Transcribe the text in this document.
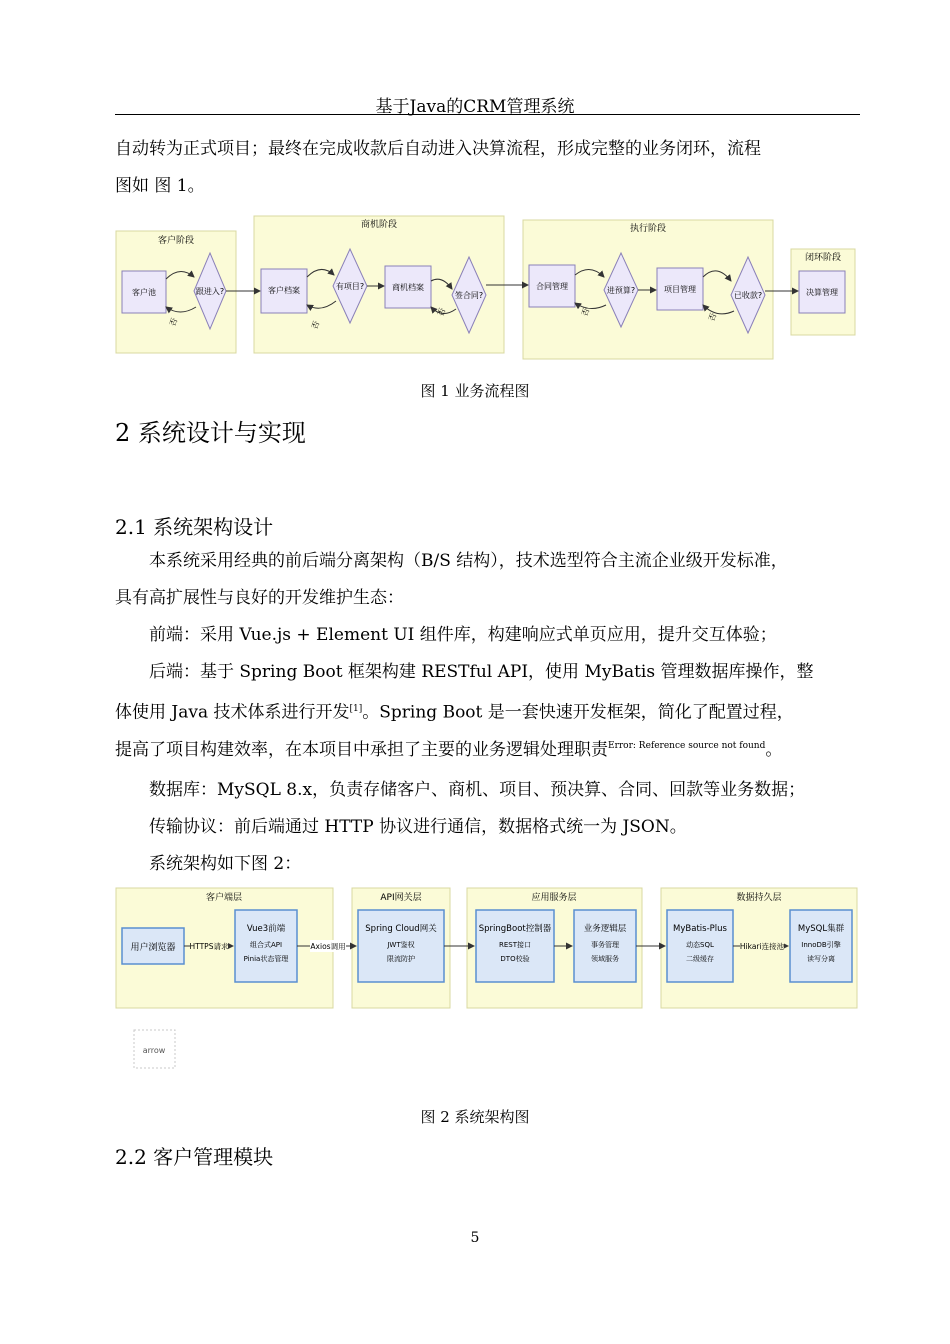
基于Java的CRM管理系统

自动转为正式项目；最终在完成收款后自动进入决算流程，形成完整的业务闭环，流程

图如 图 1。

客户阶段
商机阶段	执行阶段
闭环阶段
客户池	跟进入?
否
客户档案	有项目?
否
商机档案
签合同?
否
合同管理	进预算?
否
项目管理
已收款?
否
决算管理
图 1 业务流程图
2 系统设计与实现
2.1 系统架构设计

本系统采用经典的前后端分离架构（B/S 结构），技术选型符合主流企业级开发标准，

具有高扩展性与良好的开发维护生态：

前端：采用 Vue.js + Element UI 组件库，构建响应式单页应用，提升交互体验；

后端：基于 Spring Boot 框架构建 RESTful API，使用 MyBatis 管理数据库操作，整

体使用 Java 技术体系进行开发[1]。Spring Boot 是一套快速开发框架，简化了配置过程，

提高了项目构建效率，在本项目中承担了主要的业务逻辑处理职责$^{Error: Reference source not found}$。

数据库：MySQL 8.x，负责存储客户、商机、项目、预决算、合同、回款等业务数据；

传输协议：前后端通过 HTTP 协议进行通信，数据格式统一为 JSON。

系统架构如下图 2：

客户端层	API网关层	应用服务层	数据持久层
用户浏览器
Vue3前端
组合式API
Pinia状态管理
Spring Cloud网关
JWT鉴权
限流防护
SpringBoot控制器
REST接口
DTO校验
业务逻辑层
事务管理
领域服务
MyBatis-Plus
动态SQL
二级缓存
MySQL集群
InnoDB引擎
读写分离
HTTPS请求	Axios调用	Hikari连接池
arrow
图 2 系统架构图
2.2 客户管理模块
5
